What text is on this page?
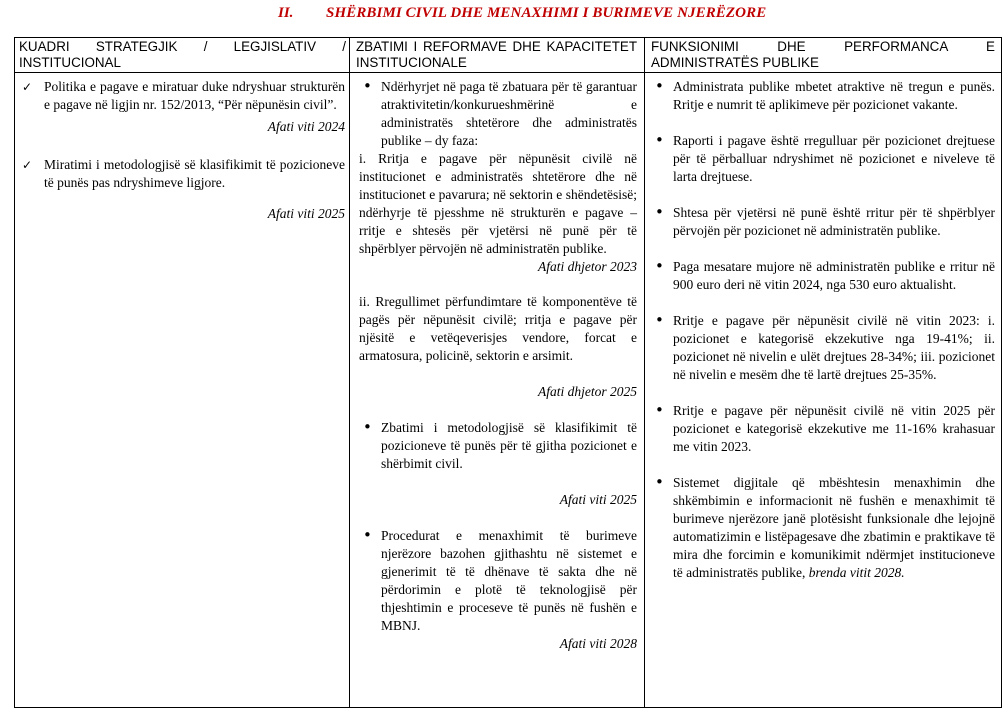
II. SHËRBIMI CIVIL DHE MENAXHIMI I BURIMEVE NJERËZORE
KUADRI STRATEGJIK / LEGJISLATIV / INSTITUCIONAL
ZBATIMI I REFORMAVE DHE KAPACITETET INSTITUCIONALE
FUNKSIONIMI DHE PERFORMANCA E ADMINISTRATËS PUBLIKE
✓ Politika e pagave e miratuar duke ndryshuar strukturën e pagave në ligjin nr. 152/2013, “Për nëpunësin civil”.
Afati viti 2024
✓ Miratimi i metodologjisë së klasifikimit të pozicioneve të punës pas ndryshimeve ligjore.
Afati viti 2025
• Ndërhyrjet në paga të zbatuara për të garantuar atraktivitetin/konkurueshmërinë e administratës shtetërore dhe administratës publike – dy faza:
i. Rritja e pagave për nëpunësit civilë në institucionet e administratës shtetërore dhe në institucionet e pavarura; në sektorin e shëndetësisë; ndërhyrje të pjesshme në strukturën e pagave – rritje e shtesës për vjetërsi në punë për të shpërblyer përvojën në administratën publike.
Afati dhjetor 2023
ii. Rregullimet përfundimtare të komponentëve të pagës për nëpunësit civilë; rritja e pagave për njësitë e vetëqeverisjes vendore, forcat e armatosura, policinë, sektorin e arsimit.
Afati dhjetor 2025
• Zbatimi i metodologjisë së klasifikimit të pozicioneve të punës për të gjitha pozicionet e shërbimit civil.
Afati viti 2025
• Procedurat e menaxhimit të burimeve njerëzore bazohen gjithashtu në sistemet e gjenerimit të të dhënave të sakta dhe në përdorimin e plotë të teknologjisë për thjeshtimin e proceseve të punës në fushën e MBNJ.
Afati viti 2028
• Administrata publike mbetet atraktive në tregun e punës. Rritje e numrit të aplikimeve për pozicionet vakante.
• Raporti i pagave është rregulluar për pozicionet drejtuese për të përballuar ndryshimet në pozicionet e niveleve të larta drejtuese.
• Shtesa për vjetërsi në punë është rritur për të shpërblyer përvojën për pozicionet në administratën publike.
• Paga mesatare mujore në administratën publike e rritur në 900 euro deri në vitin 2024, nga 530 euro aktualisht.
• Rritje e pagave për nëpunësit civilë në vitin 2023: i. pozicionet e kategorisë ekzekutive nga 19-41%; ii. pozicionet në nivelin e ulët drejtues 28-34%; iii. pozicionet në nivelin e mesëm dhe të lartë drejtues 25-35%.
• Rritje e pagave për nëpunësit civilë në vitin 2025 për pozicionet e kategorisë ekzekutive me 11-16% krahasuar me vitin 2023.
• Sistemet digjitale që mbështesin menaxhimin dhe shkëmbimin e informacionit në fushën e menaxhimit të burimeve njerëzore janë plotësisht funksionale dhe lejojnë automatizimin e listëpagesave dhe zbatimin e praktikave të mira dhe forcimin e komunikimit ndërmjet institucioneve të administratës publike, brenda vitit 2028.
